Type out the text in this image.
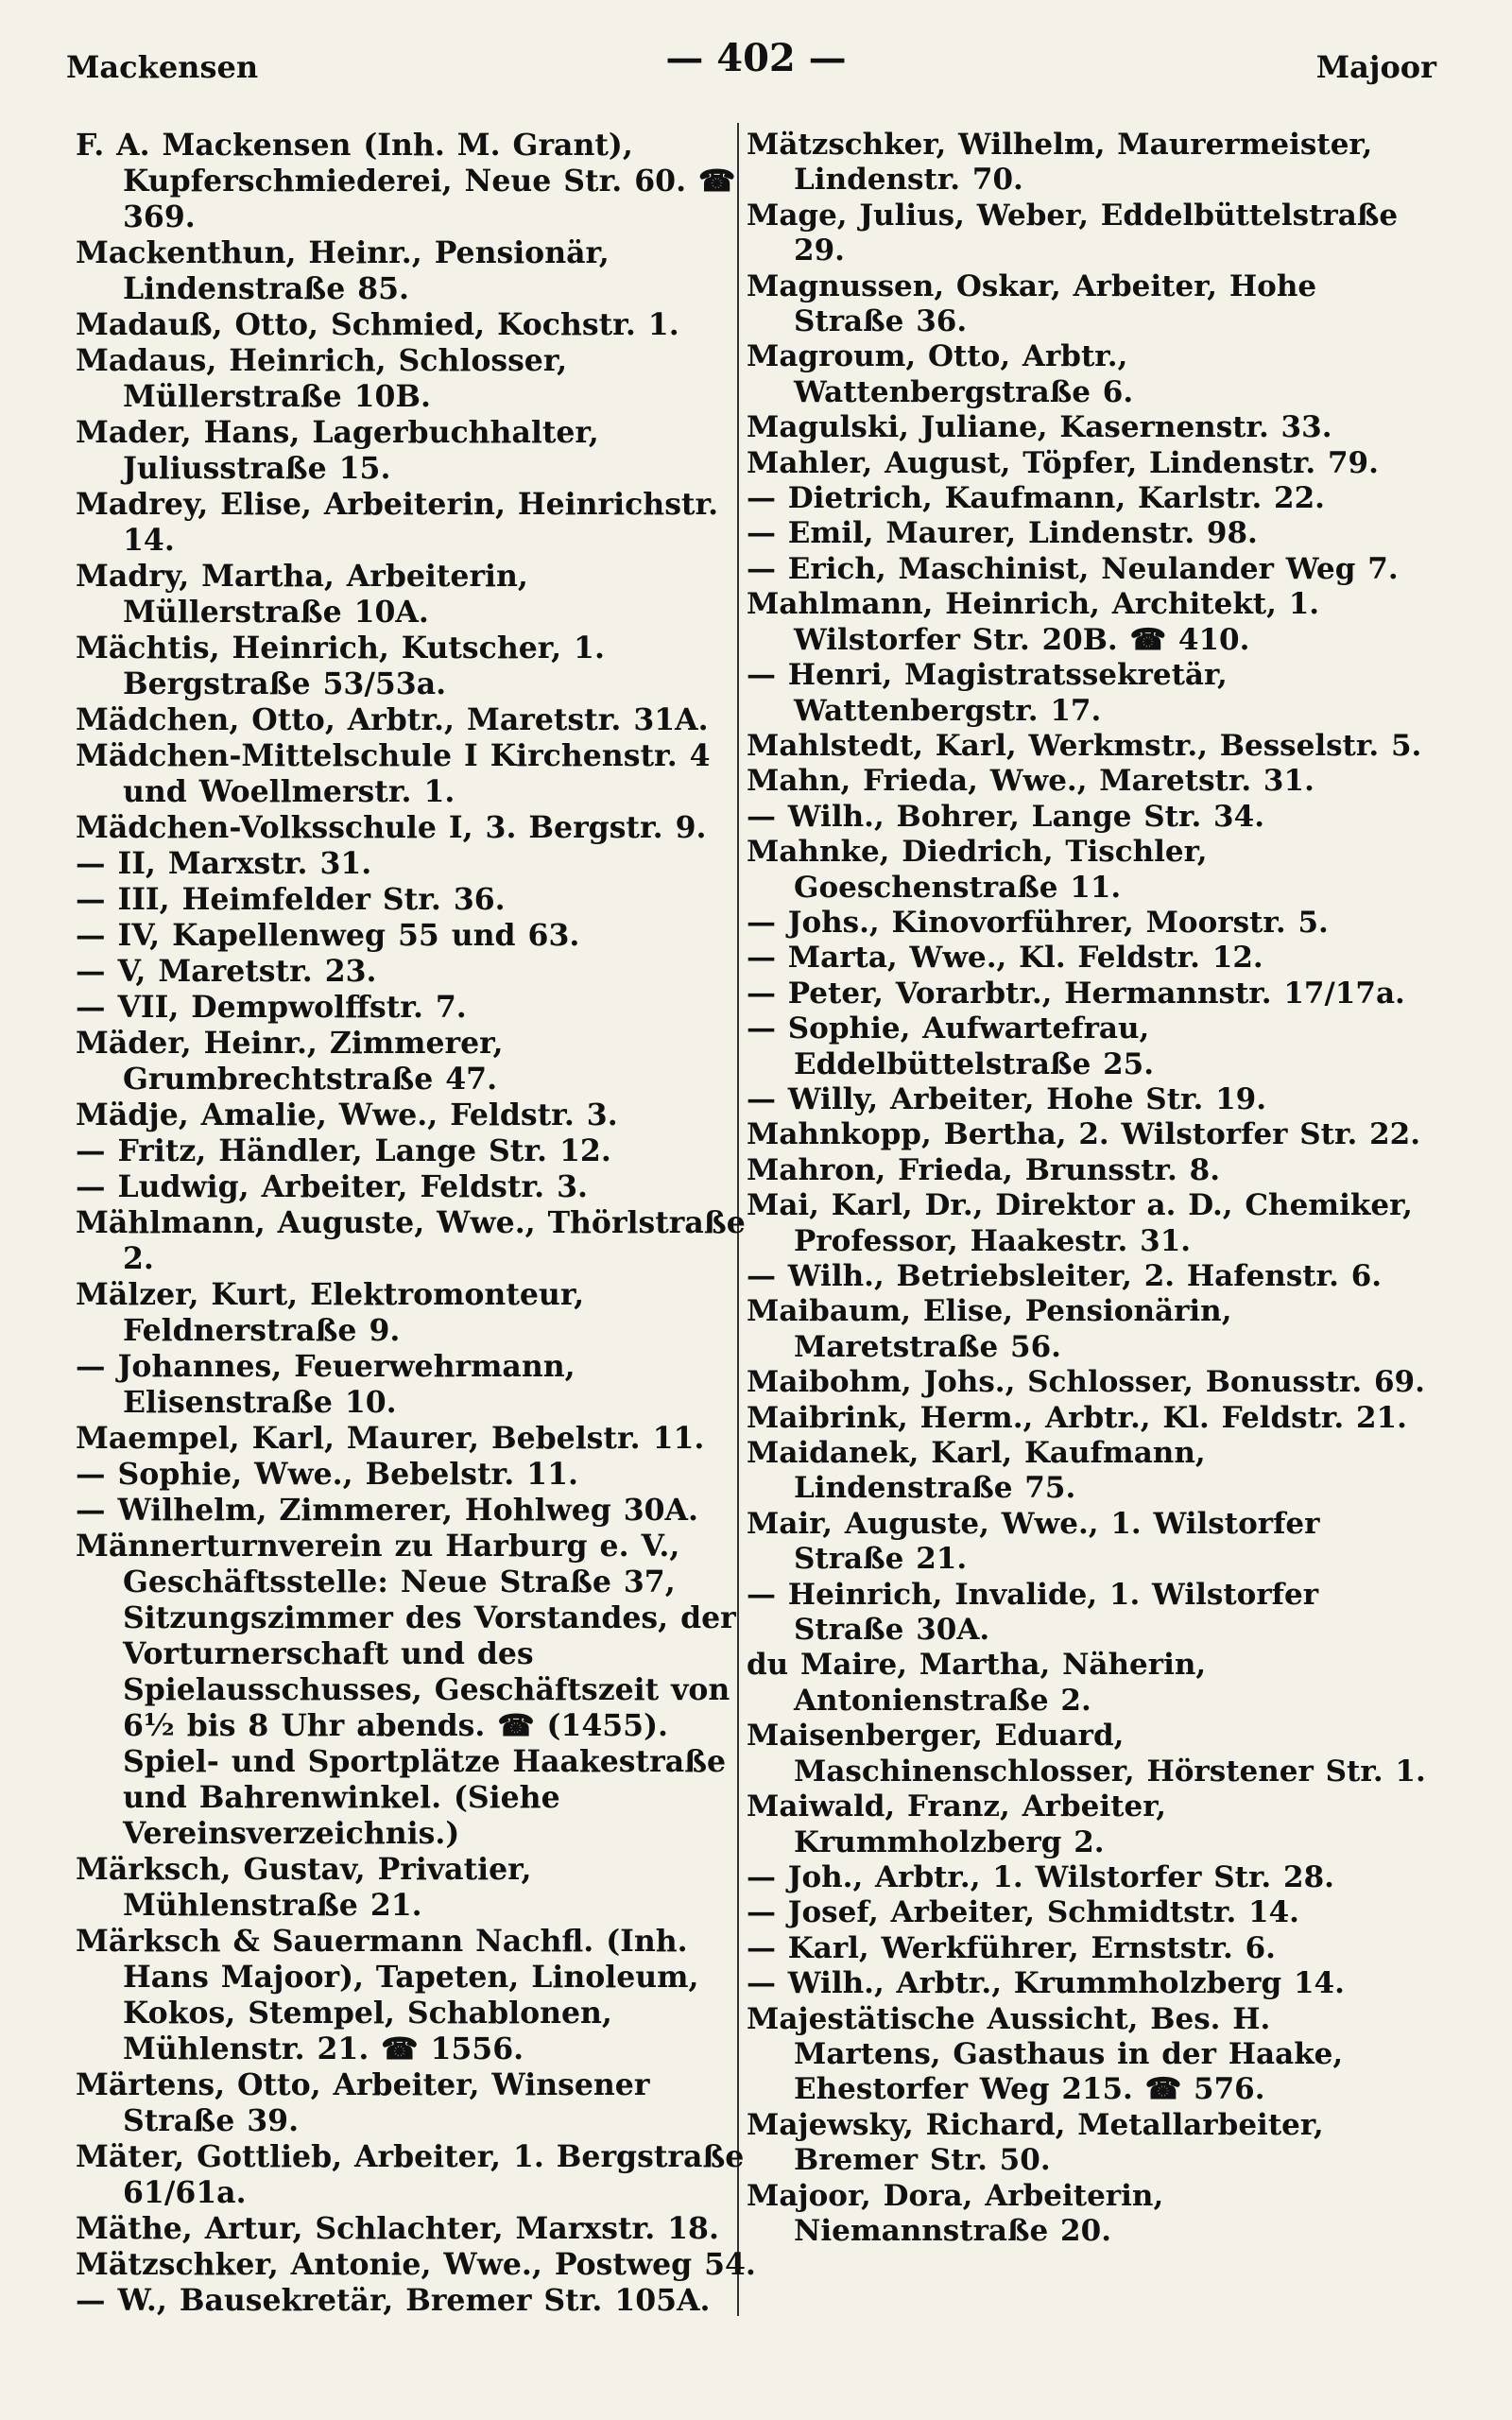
Mackensen	— 402 —	Majoor

F. A. Mackensen (Inh. M. Grant), Kupferschmiederei, Neue Str. 60. ☎ 369.

Mackenthun, Heinr., Pensionär, Lindenstraße 85.

Madauß, Otto, Schmied, Kochstr. 1.

Madaus, Heinrich, Schlosser, Müllerstraße 10B.

Mader, Hans, Lagerbuchhalter, Juliusstraße 15.

Madrey, Elise, Arbeiterin, Heinrichstr. 14.

Madry, Martha, Arbeiterin, Müllerstraße 10A.

Mächtis, Heinrich, Kutscher, 1. Bergstraße 53/53a.

Mädchen, Otto, Arbtr., Maretstr. 31A.

Mädchen-Mittelschule I Kirchenstr. 4 und Woellmerstr. 1.

Mädchen-Volksschule I, 3. Bergstr. 9.

— II, Marxstr. 31.

— III, Heimfelder Str. 36.

— IV, Kapellenweg 55 und 63.

— V, Maretstr. 23.

— VII, Dempwolffstr. 7.

Mäder, Heinr., Zimmerer, Grumbrechtstraße 47.

Mädje, Amalie, Wwe., Feldstr. 3.

— Fritz, Händler, Lange Str. 12.

— Ludwig, Arbeiter, Feldstr. 3.

Mählmann, Auguste, Wwe., Thörlstraße 2.

Mälzer, Kurt, Elektromonteur, Feldnerstraße 9.

— Johannes, Feuerwehrmann, Elisenstraße 10.

Maempel, Karl, Maurer, Bebelstr. 11.

— Sophie, Wwe., Bebelstr. 11.

— Wilhelm, Zimmerer, Hohlweg 30A.

Männerturnverein zu Harburg e. V., Geschäftsstelle: Neue Straße 37, Sitzungszimmer des Vorstandes, der Vorturnerschaft und des Spielausschusses, Geschäftszeit von 6½ bis 8 Uhr abends. ☎ (1455). Spiel- und Sportplätze Haakestraße und Bahrenwinkel. (Siehe Vereinsverzeichnis.)

Märksch, Gustav, Privatier, Mühlenstraße 21.

Märksch & Sauermann Nachfl. (Inh. Hans Majoor), Tapeten, Linoleum, Kokos, Stempel, Schablonen, Mühlenstr. 21. ☎ 1556.

Märtens, Otto, Arbeiter, Winsener Straße 39.

Mäter, Gottlieb, Arbeiter, 1. Bergstraße 61/61a.

Mäthe, Artur, Schlachter, Marxstr. 18.

Mätzschker, Antonie, Wwe., Postweg 54.

— W., Bausekretär, Bremer Str. 105A.

Mätzschker, Wilhelm, Maurermeister, Lindenstr. 70.

Mage, Julius, Weber, Eddelbüttelstraße 29.

Magnussen, Oskar, Arbeiter, Hohe Straße 36.

Magroum, Otto, Arbtr., Wattenbergstraße 6.

Magulski, Juliane, Kasernenstr. 33.

Mahler, August, Töpfer, Lindenstr. 79.

— Dietrich, Kaufmann, Karlstr. 22.

— Emil, Maurer, Lindenstr. 98.

— Erich, Maschinist, Neulander Weg 7.

Mahlmann, Heinrich, Architekt, 1. Wilstorfer Str. 20B. ☎ 410.

— Henri, Magistratssekretär, Wattenbergstr. 17.

Mahlstedt, Karl, Werkmstr., Besselstr. 5.

Mahn, Frieda, Wwe., Maretstr. 31.

— Wilh., Bohrer, Lange Str. 34.

Mahnke, Diedrich, Tischler, Goeschenstraße 11.

— Johs., Kinovorführer, Moorstr. 5.

— Marta, Wwe., Kl. Feldstr. 12.

— Peter, Vorarbtr., Hermannstr. 17/17a.

— Sophie, Aufwartefrau, Eddelbüttelstraße 25.

— Willy, Arbeiter, Hohe Str. 19.

Mahnkopp, Bertha, 2. Wilstorfer Str. 22.

Mahron, Frieda, Brunsstr. 8.

Mai, Karl, Dr., Direktor a. D., Chemiker, Professor, Haakestr. 31.

— Wilh., Betriebsleiter, 2. Hafenstr. 6.

Maibaum, Elise, Pensionärin, Maretstraße 56.

Maibohm, Johs., Schlosser, Bonusstr. 69.

Maibrink, Herm., Arbtr., Kl. Feldstr. 21.

Maidanek, Karl, Kaufmann, Lindenstraße 75.

Mair, Auguste, Wwe., 1. Wilstorfer Straße 21.

— Heinrich, Invalide, 1. Wilstorfer Straße 30A.

du Maire, Martha, Näherin, Antonienstraße 2.

Maisenberger, Eduard, Maschinenschlosser, Hörstener Str. 1.

Maiwald, Franz, Arbeiter, Krummholzberg 2.

— Joh., Arbtr., 1. Wilstorfer Str. 28.

— Josef, Arbeiter, Schmidtstr. 14.

— Karl, Werkführer, Ernststr. 6.

— Wilh., Arbtr., Krummholzberg 14.

Majestätische Aussicht, Bes. H. Martens, Gasthaus in der Haake, Ehestorfer Weg 215. ☎ 576.

Majewsky, Richard, Metallarbeiter, Bremer Str. 50.

Majoor, Dora, Arbeiterin, Niemannstraße 20.
